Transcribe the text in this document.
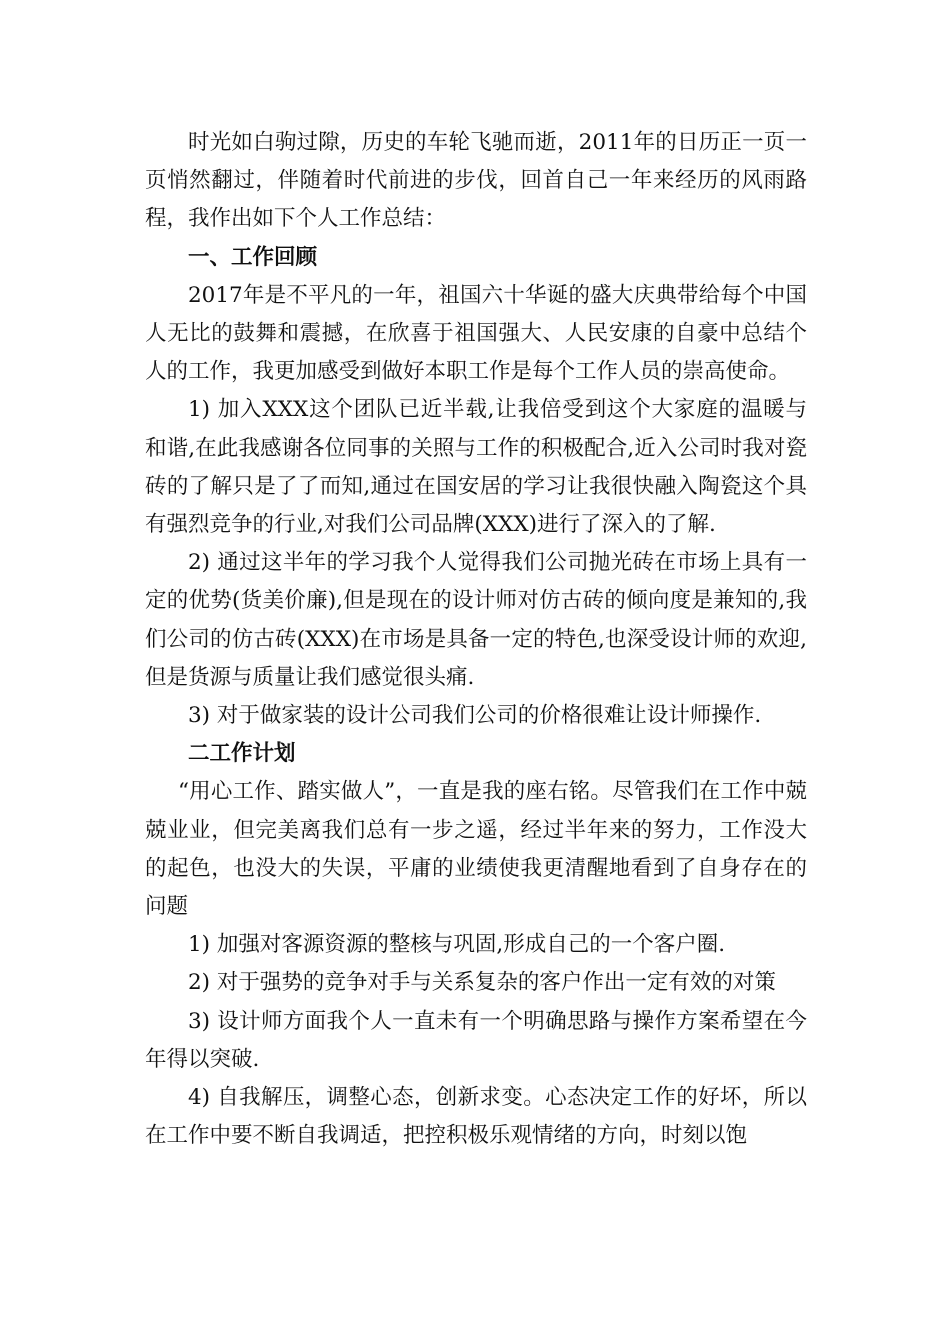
时光如白驹过隙，历史的车轮飞驰而逝，2011年的日历正一页一页悄然翻过，伴随着时代前进的步伐，回首自己一年来经历的风雨路程，我作出如下个人工作总结：

一、工作回顾

2017年是不平凡的一年，祖国六十华诞的盛大庆典带给每个中国人无比的鼓舞和震撼，在欣喜于祖国强大、人民安康的自豪中总结个人的工作，我更加感受到做好本职工作是每个工作人员的崇高使命。

1) 加入XXX这个团队已近半载,让我倍受到这个大家庭的温暖与和谐,在此我感谢各位同事的关照与工作的积极配合,近入公司时我对瓷砖的了解只是了了而知,通过在国安居的学习让我很快融入陶瓷这个具有强烈竞争的行业,对我们公司品牌(XXX)进行了深入的了解.

2) 通过这半年的学习我个人觉得我们公司抛光砖在市场上具有一定的优势(货美价廉),但是现在的设计师对仿古砖的倾向度是兼知的,我们公司的仿古砖(XXX)在市场是具备一定的特色,也深受设计师的欢迎,但是货源与质量让我们感觉很头痛.

3) 对于做家装的设计公司我们公司的价格很难让设计师操作.

二工作计划

“用心工作、踏实做人”，一直是我的座右铭。尽管我们在工作中兢兢业业，但完美离我们总有一步之遥，经过半年来的努力，工作没大的起色，也没大的失误，平庸的业绩使我更清醒地看到了自身存在的问题

1) 加强对客源资源的整核与巩固,形成自己的一个客户圈.

2) 对于强势的竞争对手与关系复杂的客户作出一定有效的对策

3) 设计师方面我个人一直未有一个明确思路与操作方案希望在今年得以突破.

4) 自我解压，调整心态，创新求变。心态决定工作的好坏，所以在工作中要不断自我调适，把控积极乐观情绪的方向，时刻以饱
